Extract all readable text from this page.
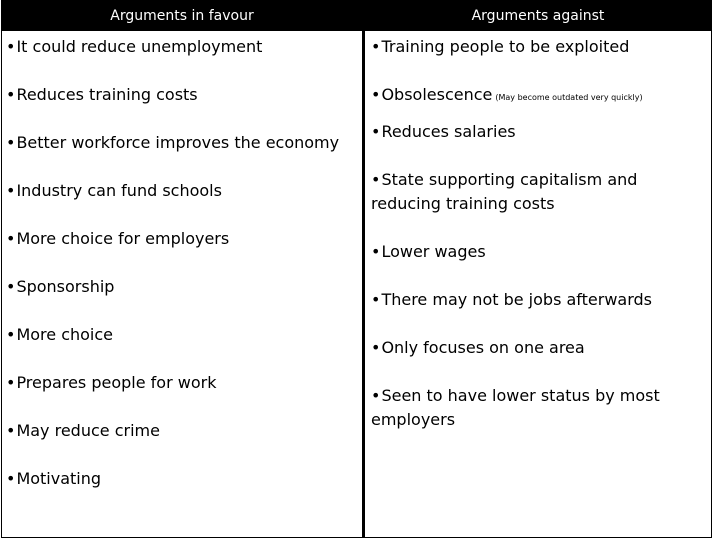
Arguments in favour	Arguments against
•It could reduce unemployment
•Reduces training costs
•Better workforce improves the economy
•Industry can fund schools
•More choice for employers
•Sponsorship
•More choice
•Prepares people for work
•May reduce crime
•Motivating
•Training people to be exploited
•Obsolescence (May become outdated very quickly)
•Reduces salaries
•State supporting capitalism and reducing training costs
•Lower wages
•There may not be jobs afterwards
•Only focuses on one area
•Seen to have lower status by most employers
